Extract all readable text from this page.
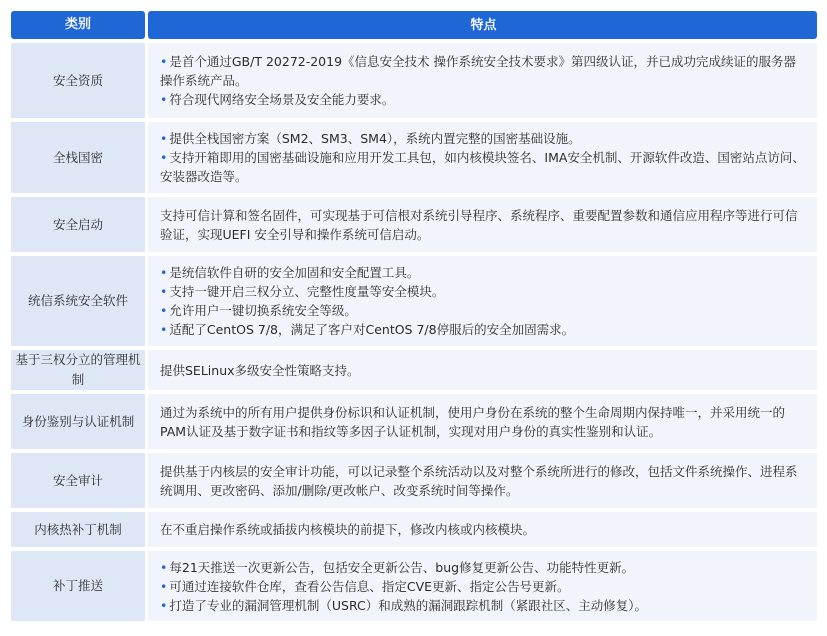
类别	特点
安全资质
• 是首个通过GB/T 20272-2019《信息安全技术 操作系统安全技术要求》第四级认证，并已成功完成续证的服务器操作系统产品。
• 符合现代网络安全场景及安全能力要求。
全栈国密
• 提供全栈国密方案（SM2、SM3、SM4），系统内置完整的国密基础设施。
• 支持开箱即用的国密基础设施和应用开发工具包，如内核模块签名、IMA安全机制、开源软件改造、国密站点访问、安装器改造等。
安全启动
支持可信计算和签名固件，可实现基于可信根对系统引导程序、系统程序、重要配置参数和通信应用程序等进行可信验证，实现UEFI 安全引导和操作系统可信启动。
统信系统安全软件
• 是统信软件自研的安全加固和安全配置工具。
• 支持一键开启三权分立、完整性度量等安全模块。
• 允许用户一键切换系统安全等级。
• 适配了CentOS 7/8，满足了客户对CentOS 7/8停服后的安全加固需求。
基于三权分立的管理机制
提供SELinux多级安全性策略支持。
身份鉴别与认证机制
通过为系统中的所有用户提供身份标识和认证机制，使用户身份在系统的整个生命周期内保持唯一，并采用统一的PAM认证及基于数字证书和指纹等多因子认证机制，实现对用户身份的真实性鉴别和认证。
安全审计
提供基于内核层的安全审计功能，可以记录整个系统活动以及对整个系统所进行的修改，包括文件系统操作、进程系统调用、更改密码、添加/删除/更改帐户、改变系统时间等操作。
内核热补丁机制	在不重启操作系统或插拔内核模块的前提下，修改内核或内核模块。
补丁推送
• 每21天推送一次更新公告，包括安全更新公告、bug修复更新公告、功能特性更新。
• 可通过连接软件仓库，查看公告信息、指定CVE更新、指定公告号更新。
• 打造了专业的漏洞管理机制（USRC）和成熟的漏洞跟踪机制（紧跟社区、主动修复）。
